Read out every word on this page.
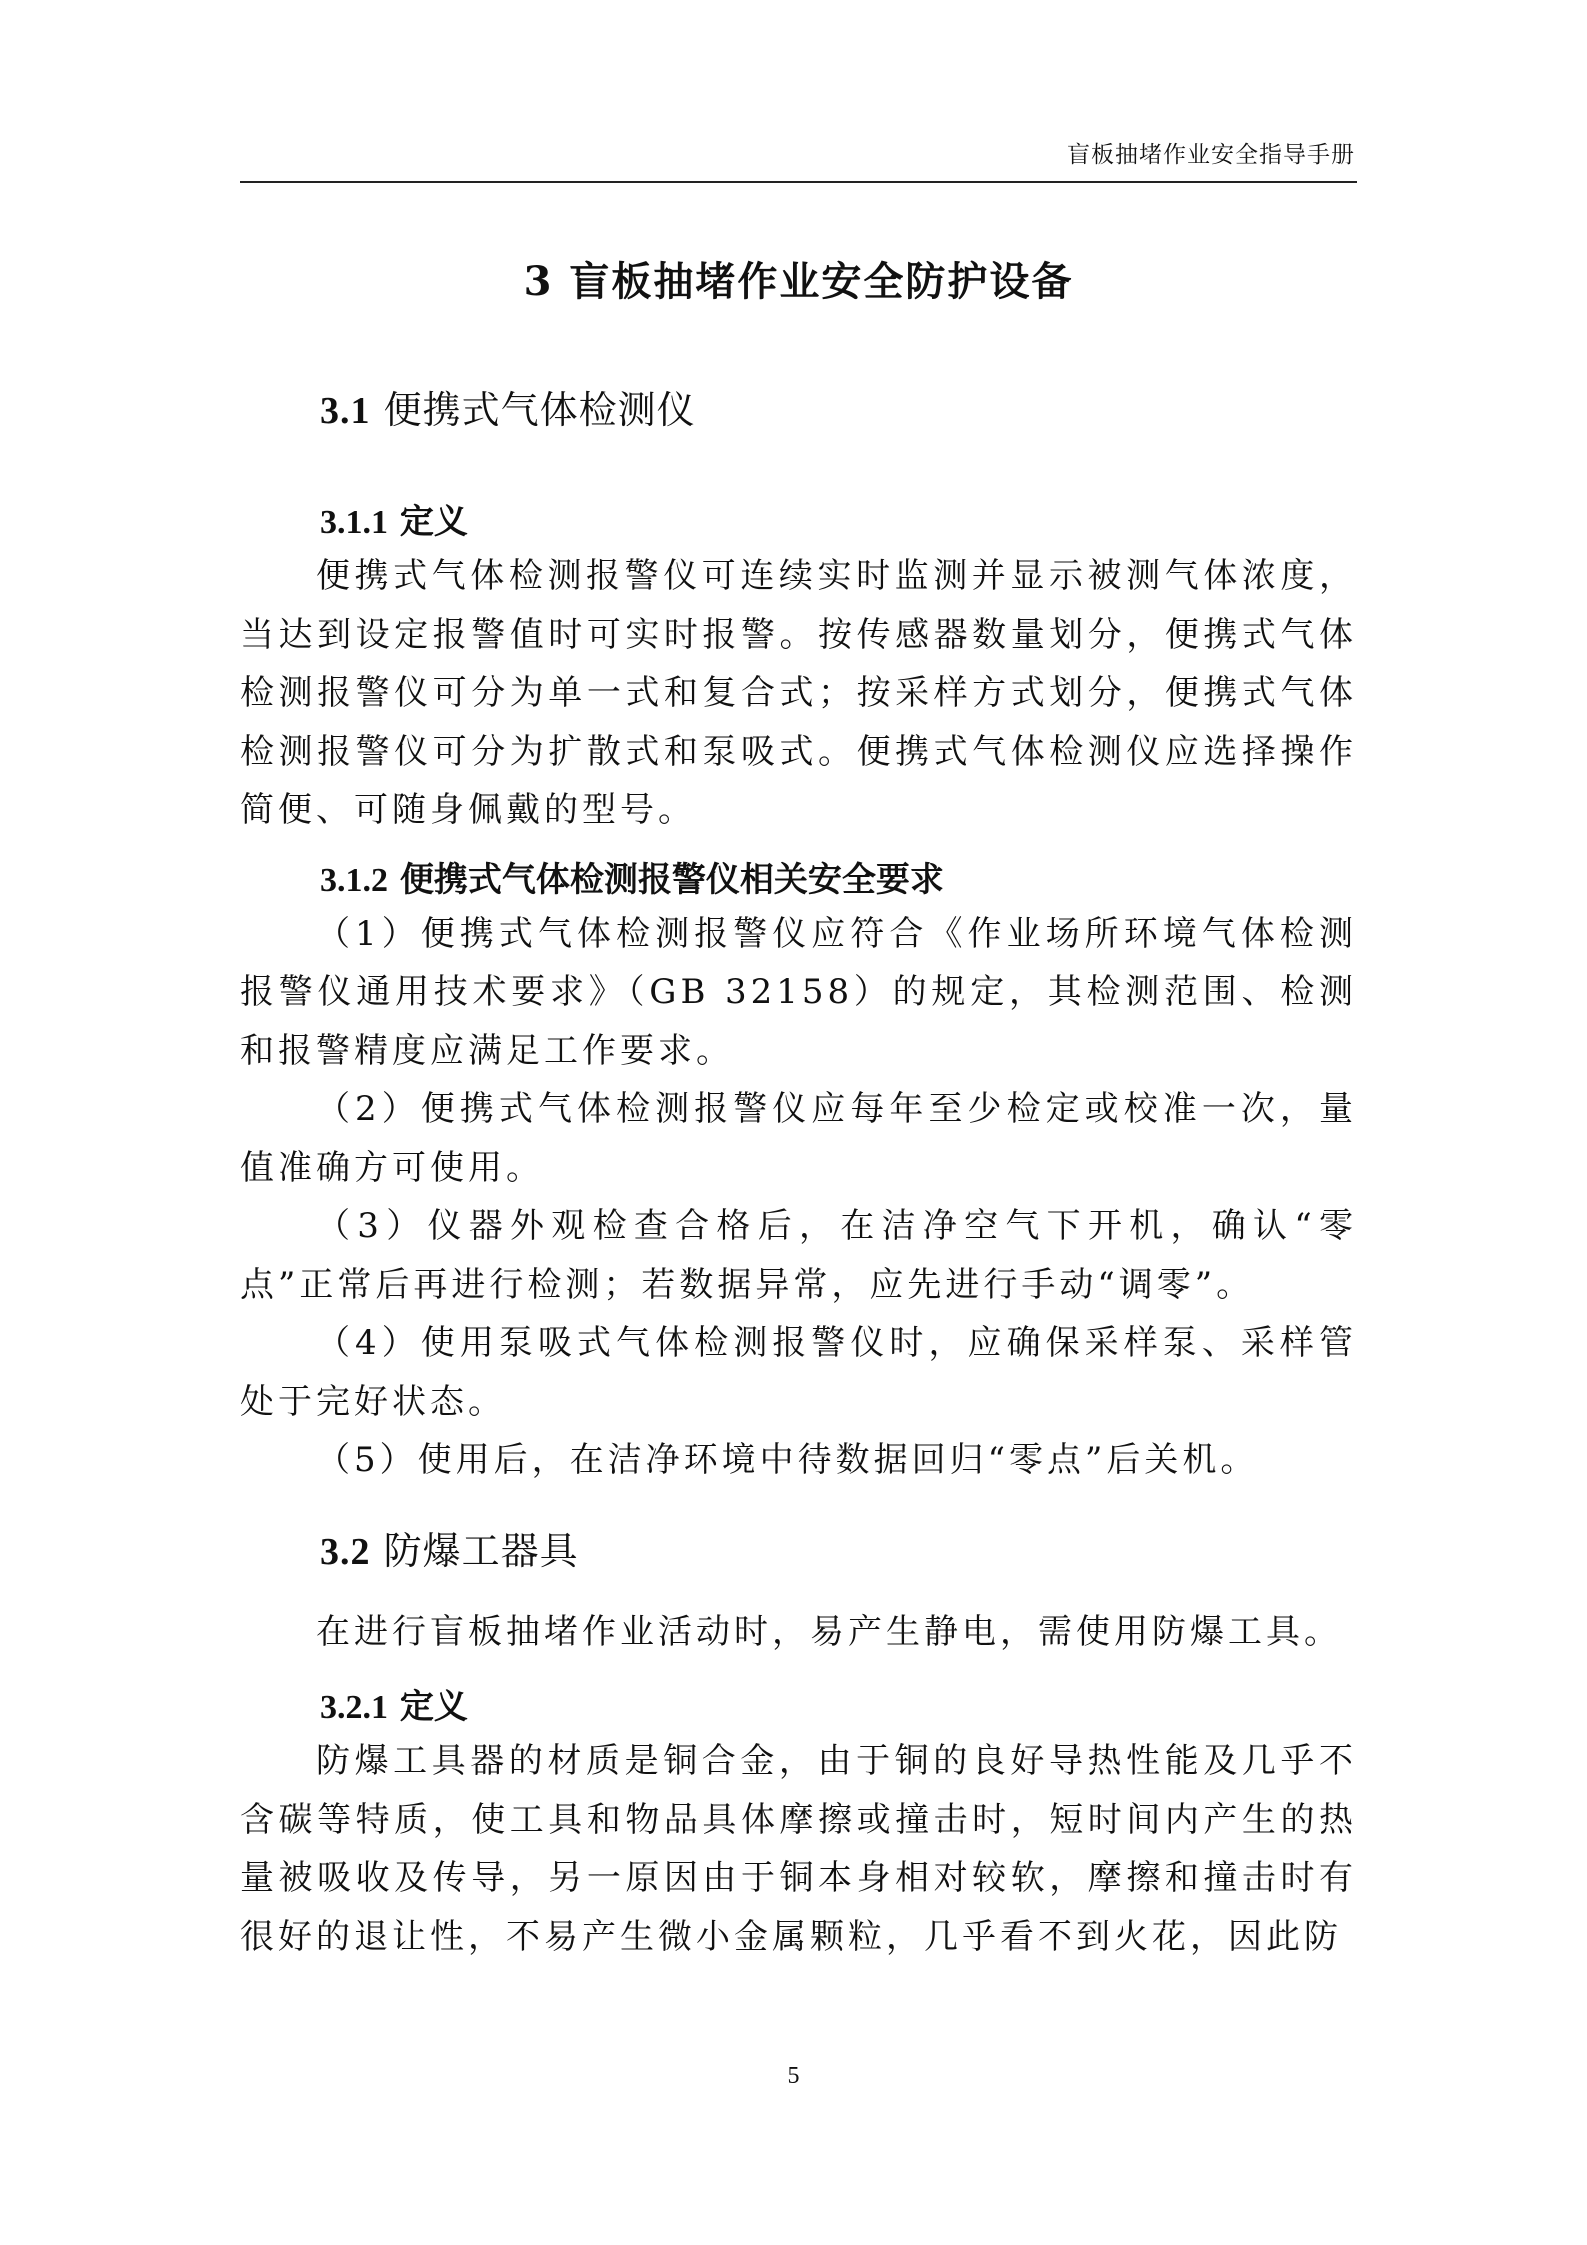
盲板抽堵作业安全指导手册
3 盲板抽堵作业安全防护设备
3.1 便携式气体检测仪
3.1.1 定义

便携式气体检测报警仪可连续实时监测并显示被测气体浓度，当达到设定报警值时可实时报警。按传感器数量划分，便携式气体检测报警仪可分为单一式和复合式；按采样方式划分，便携式气体检测报警仪可分为扩散式和泵吸式。便携式气体检测仪应选择操作简便、可随身佩戴的型号。

3.1.2 便携式气体检测报警仪相关安全要求

（1）便携式气体检测报警仪应符合《作业场所环境气体检测报警仪通用技术要求》（GB 32158）的规定，其检测范围、检测和报警精度应满足工作要求。

（2）便携式气体检测报警仪应每年至少检定或校准一次，量值准确方可使用。

（3）仪器外观检查合格后，在洁净空气下开机，确认“零点”正常后再进行检测；若数据异常，应先进行手动“调零”。

（4）使用泵吸式气体检测报警仪时，应确保采样泵、采样管处于完好状态。

（5）使用后，在洁净环境中待数据回归“零点”后关机。

3.2 防爆工器具

在进行盲板抽堵作业活动时，易产生静电，需使用防爆工具。

3.2.1 定义

防爆工具器的材质是铜合金，由于铜的良好导热性能及几乎不含碳等特质，使工具和物品具体摩擦或撞击时，短时间内产生的热量被吸收及传导，另一原因由于铜本身相对较软，摩擦和撞击时有很好的退让性，不易产生微小金属颗粒，几乎看不到火花，因此防

5
